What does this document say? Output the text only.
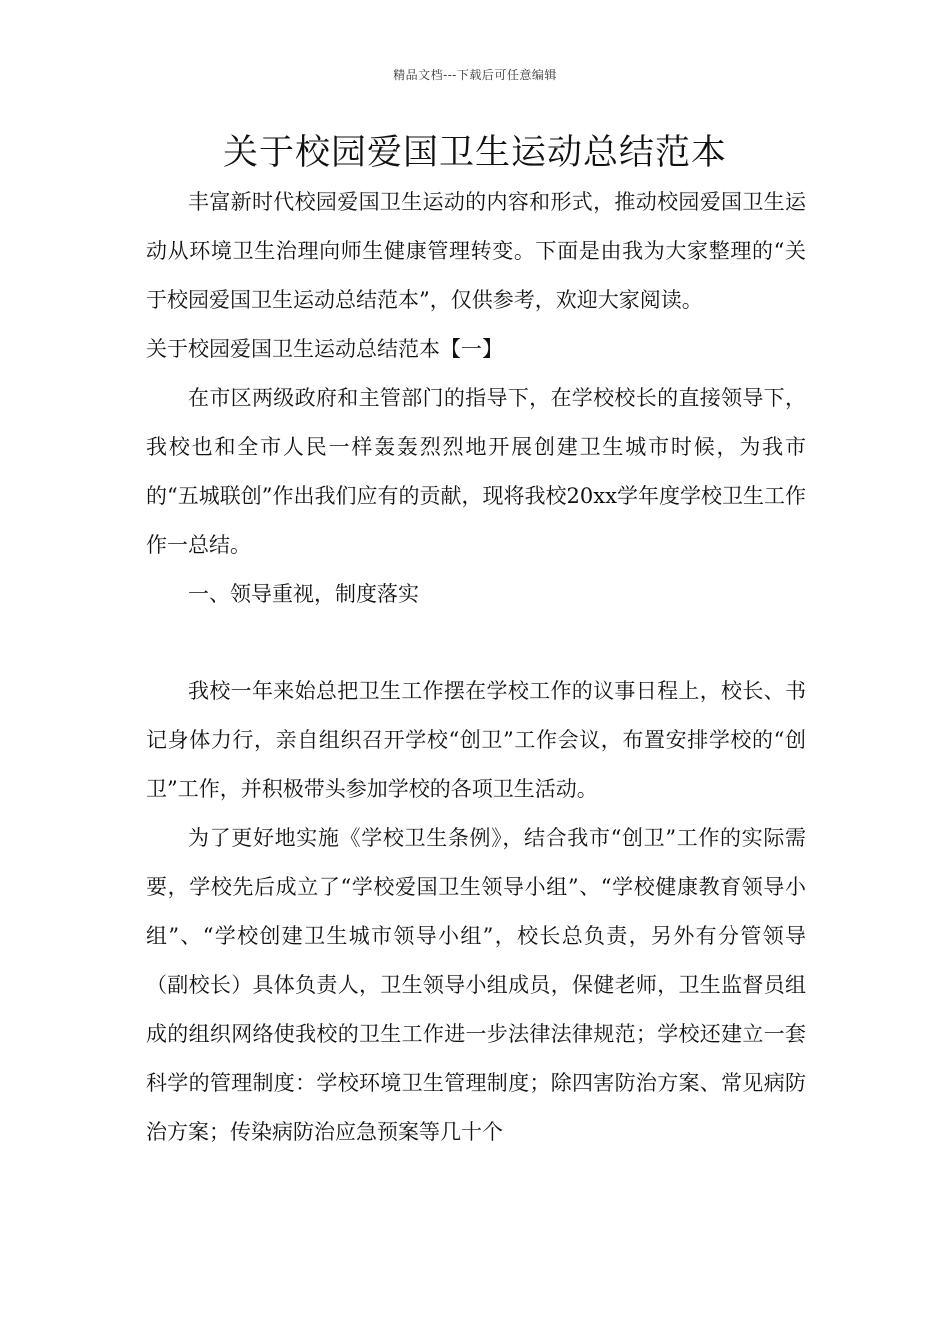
精品文档---下载后可任意编辑
关于校园爱国卫生运动总结范本

丰富新时代校园爱国卫生运动的内容和形式，推动校园爱国卫生运动从环境卫生治理向师生健康管理转变。下面是由我为大家整理的“关于校园爱国卫生运动总结范本”，仅供参考，欢迎大家阅读。

关于校园爱国卫生运动总结范本【一】

在市区两级政府和主管部门的指导下，在学校校长的直接领导下，我校也和全市人民一样轰轰烈烈地开展创建卫生城市时候，为我市的“五城联创”作出我们应有的贡献，现将我校20xx学年度学校卫生工作作一总结。

一、领导重视，制度落实

我校一年来始总把卫生工作摆在学校工作的议事日程上，校长、书记身体力行，亲自组织召开学校“创卫”工作会议，布置安排学校的“创卫”工作，并积极带头参加学校的各项卫生活动。

为了更好地实施《学校卫生条例》，结合我市“创卫”工作的实际需要，学校先后成立了“学校爱国卫生领导小组”、“学校健康教育领导小组”、“学校创建卫生城市领导小组”，校长总负责，另外有分管领导（副校长）具体负责人，卫生领导小组成员，保健老师，卫生监督员组成的组织网络使我校的卫生工作进一步法律法律规范；学校还建立一套科学的管理制度：学校环境卫生管理制度；除四害防治方案、常见病防治方案；传染病防治应急预案等几十个
